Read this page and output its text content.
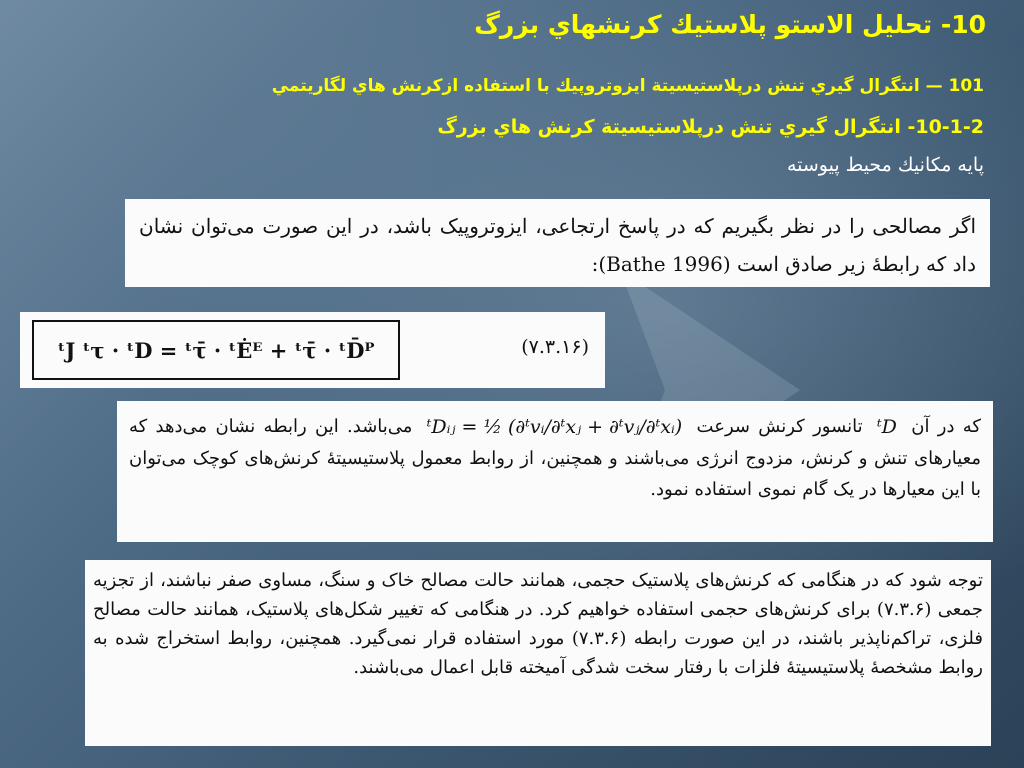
10- تحليل الاستو پلاستيك كرنشهاي بزرگ
101 — انتگرال گيري تنش درپلاستيسيتة ايزوتروپيك با استفاده ازكرنش هاي لگاريتمي
10-1-2- انتگرال گيري تنش درپلاستيسيتة كرنش هاي بزرگ
پايه مكانيك محيط پيوسته

اگر مصالحی را در نظر بگیریم که در پاسخ ارتجاعی، ایزوتروپیک باشد، در این صورت می‌توان نشان داد که رابطهٔ زیر صادق است (Bathe 1996):

ᵗJ ᵗτ · ᵗD = ᵗτ̄ · ᵗĖᴱ + ᵗτ̄ · ᵗD̄ᴾ	(۷.۳.۱۶)

که در آن ᵗD تانسور کرنش سرعت ᵗDᵢⱼ = ½ (∂ᵗvᵢ/∂ᵗxⱼ + ∂ᵗvⱼ/∂ᵗxᵢ) می‌باشد. این رابطه نشان می‌دهد که معیارهای تنش و کرنش، مزدوج انرژی می‌باشند و همچنین، از روابط معمول پلاستیسیتهٔ کرنش‌های کوچک می‌توان با این معیارها در یک گام نموی استفاده نمود.

توجه شود که در هنگامی که کرنش‌های پلاستیک حجمی، همانند حالت مصالح خاک و سنگ، مساوی صفر نباشند، از تجزیه جمعی (۷.۳.۶) برای کرنش‌های حجمی استفاده خواهیم کرد. در هنگامی که تغییر شکل‌های پلاستیک، همانند حالت مصالح فلزی، تراکم‌ناپذیر باشند، در این صورت رابطه (۷.۳.۶) مورد استفاده قرار نمی‌گیرد. همچنین، روابط استخراج شده به روابط مشخصهٔ پلاستیسیتهٔ فلزات با رفتار سخت شدگی آمیخته قابل اعمال می‌باشند.
